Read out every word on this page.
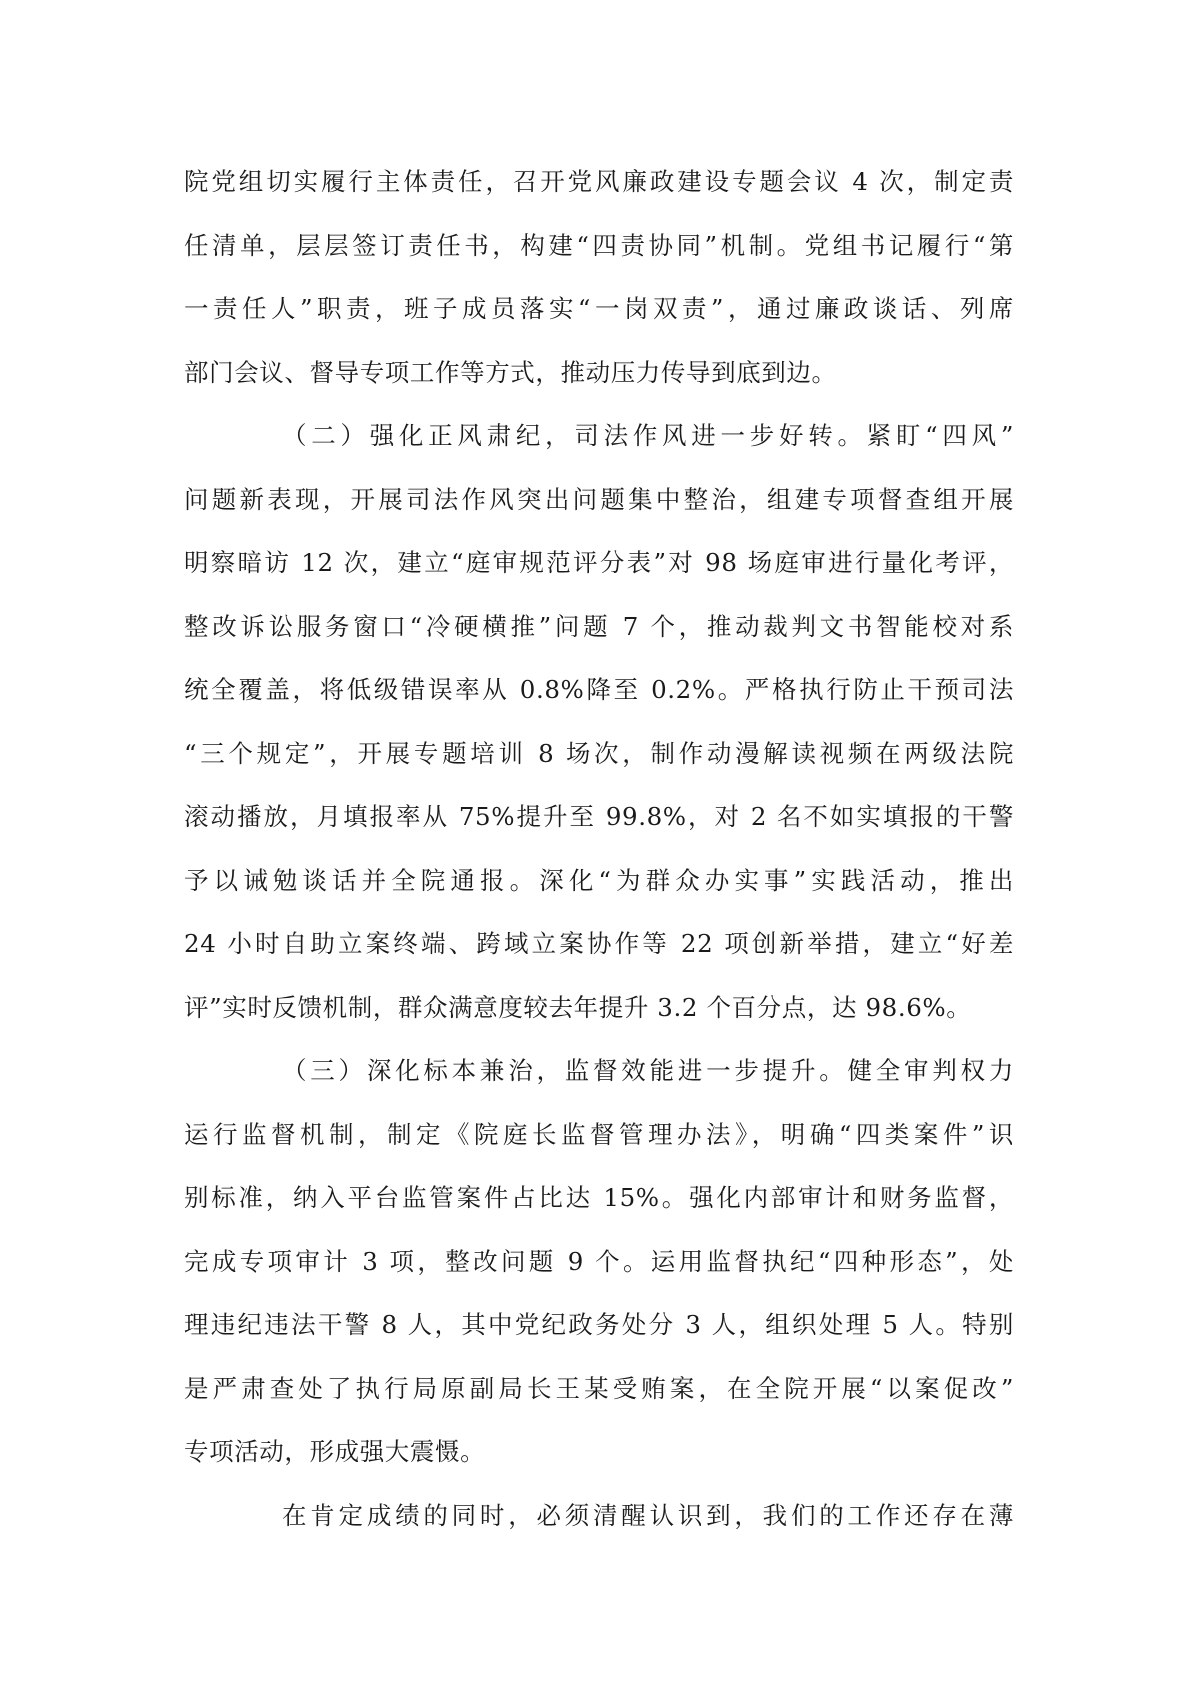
院党组切实履行主体责任，召开党风廉政建设专题会议 4 次，制定责
任清单，层层签订责任书，构建“四责协同”机制。党组书记履行“第
一责任人”职责，班子成员落实“一岗双责”，通过廉政谈话、列席
部门会议、督导专项工作等方式，推动压力传导到底到边。

（二）强化正风肃纪，司法作风进一步好转。紧盯“四风”
问题新表现，开展司法作风突出问题集中整治，组建专项督查组开展
明察暗访 12 次，建立“庭审规范评分表”对 98 场庭审进行量化考评，
整改诉讼服务窗口“冷硬横推”问题 7 个，推动裁判文书智能校对系
统全覆盖，将低级错误率从 0.8%降至 0.2%。严格执行防止干预司法
“三个规定”，开展专题培训 8 场次，制作动漫解读视频在两级法院
滚动播放，月填报率从 75%提升至 99.8%，对 2 名不如实填报的干警
予以诫勉谈话并全院通报。深化“为群众办实事”实践活动，推出
24 小时自助立案终端、跨域立案协作等 22 项创新举措，建立“好差
评”实时反馈机制，群众满意度较去年提升 3.2 个百分点，达 98.6%。

（三）深化标本兼治，监督效能进一步提升。健全审判权力
运行监督机制，制定《院庭长监督管理办法》，明确“四类案件”识
别标准，纳入平台监管案件占比达 15%。强化内部审计和财务监督，
完成专项审计 3 项，整改问题 9 个。运用监督执纪“四种形态”，处
理违纪违法干警 8 人，其中党纪政务处分 3 人，组织处理 5 人。特别
是严肃查处了执行局原副局长王某受贿案，在全院开展“以案促改”
专项活动，形成强大震慑。

在肯定成绩的同时，必须清醒认识到，我们的工作还存在薄
